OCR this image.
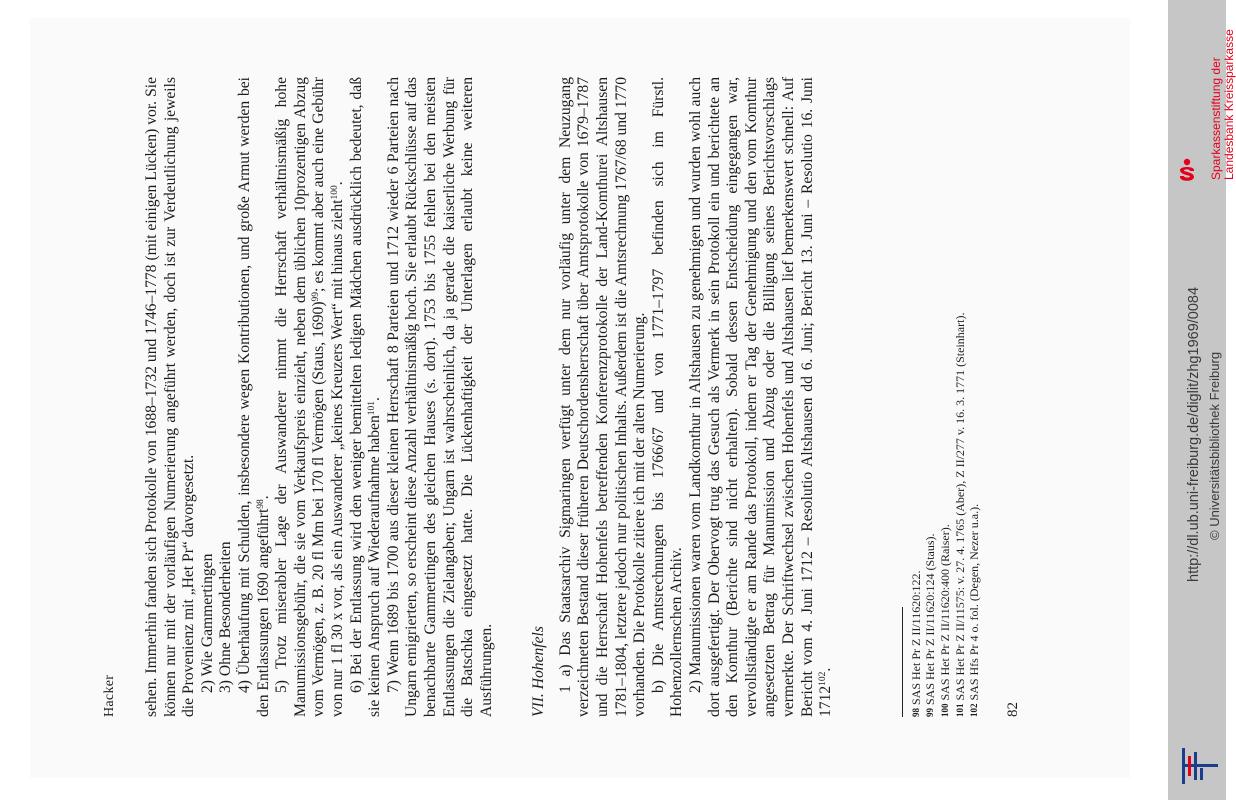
Hacker sehen. Immerhin fanden sich Protokolle von 1688–1732 und 1746–1778 (mit einigen Lücken) vor. Sie können nur mit der vorläufigen Numerierung angeführt werden, doch ist zur Verdeutlichung jeweils die Provenienz mit „Het Pr“ davorgesetzt. 2) Wie Gammertingen 3) Ohne Besonderheiten 4) Überhäufung mit Schulden, insbesondere wegen Kontributionen, und große Armut werden bei den Entlassungen 1690 angeführt$^{98}$. 5) Trotz miserabler Lage der Auswanderer nimmt die Herrschaft verhältnismäßig hohe Manumissionsgebühr, die sie vom Verkaufspreis einzieht, neben dem üblichen 10prozentigen Abzug vom Vermögen, z. B. 20 fl Mm bei 170 fl Vermögen (Staus, 1690)$^{99}$; es kommt aber auch eine Gebühr von nur 1 fl 30 x vor, als ein Auswanderer „keines Kreuzers Wert“ mit hinaus zieht$^{100}$. 6) Bei der Entlassung wird den weniger bemittelten ledigen Mädchen ausdrücklich bedeutet, daß sie keinen Anspruch auf Wiederaufnahme haben$^{101}$. 7) Wenn 1689 bis 1700 aus dieser kleinen Herrschaft 8 Parteien und 1712 wieder 6 Parteien nach Ungarn emigrierten, so erscheint diese Anzahl verhältnismäßig hoch. Sie erlaubt Rückschlüsse auf das benachbarte Gammertingen des gleichen Hauses (s. dort). 1753 bis 1755 fehlen bei den meisten Entlassungen die Zielangaben; Ungarn ist wahrscheinlich, da ja gerade die kaiserliche Werbung für die Batschka eingesetzt hatte. Die Lückenhaftigkeit der Unterlagen erlaubt keine weiteren Ausführungen. VII. Hohenfels 1 a) Das Staatsarchiv Sigmaringen verfügt unter dem nur vorläufig unter dem Neuzugang verzeichneten Bestand dieser früheren Deutschordensherrschaft über Amtsprotokolle von 1679–1787 und die Herrschaft Hohenfels betreffenden Konferenzprotokolle der Land-Komthurei Altshausen 1781–1804, letztere jedoch nur politischen Inhalts. Außerdem ist die Amtsrechnung 1767/68 und 1770 vorhanden. Die Protokolle zitiere ich mit der alten Numerierung. b) Die Amtsrechnungen bis 1766/67 und von 1771–1797 befinden sich im Fürstl. Hohenzollernschen Archiv. 2) Manumissionen waren vom Landkomthur in Altshausen zu genehmigen und wurden wohl auch dort ausgefertigt. Der Obervogt trug das Gesuch als Vermerk in sein Protokoll ein und berichtete an den Komthur (Berichte sind nicht erhalten). Sobald dessen Entscheidung eingegangen war, vervollständigte er am Rande das Protokoll, indem er Tag der Genehmigung und den vom Komthur angesetzten Betrag für Manumission und Abzug oder die Billigung seines Berichtsvorschlags vermerkte. Der Schriftwechsel zwischen Hohenfels und Altshausen lief bemerkenswert schnell: Auf Bericht vom 4. Juni 1712 – Resolutio Altshausen dd 6. Juni; Bericht 13. Juni – Resolutio 16. Juni 1712$^{102}$.

98SAS Het Pr Z II/11620:122.
99SAS Het Pr Z II/11620:124 (Staus).
100SAS Het Pr Z II/11620:400 (Raiser).
101SAS Het Pr Z II/11575: v. 27. 4. 1765 (Aber), Z II/277 v. 16. 3. 1771 (Steinhart).
102SAS Hfs Pr 4 o. fol. (Degen, Nezer u.a.).
82
Sparkassenstiftung der Landesbank Kreissparkasse
http://dl.ub.uni-freiburg.de/diglit/zhg1969/0084 © Universitätsbibliothek Freiburg
